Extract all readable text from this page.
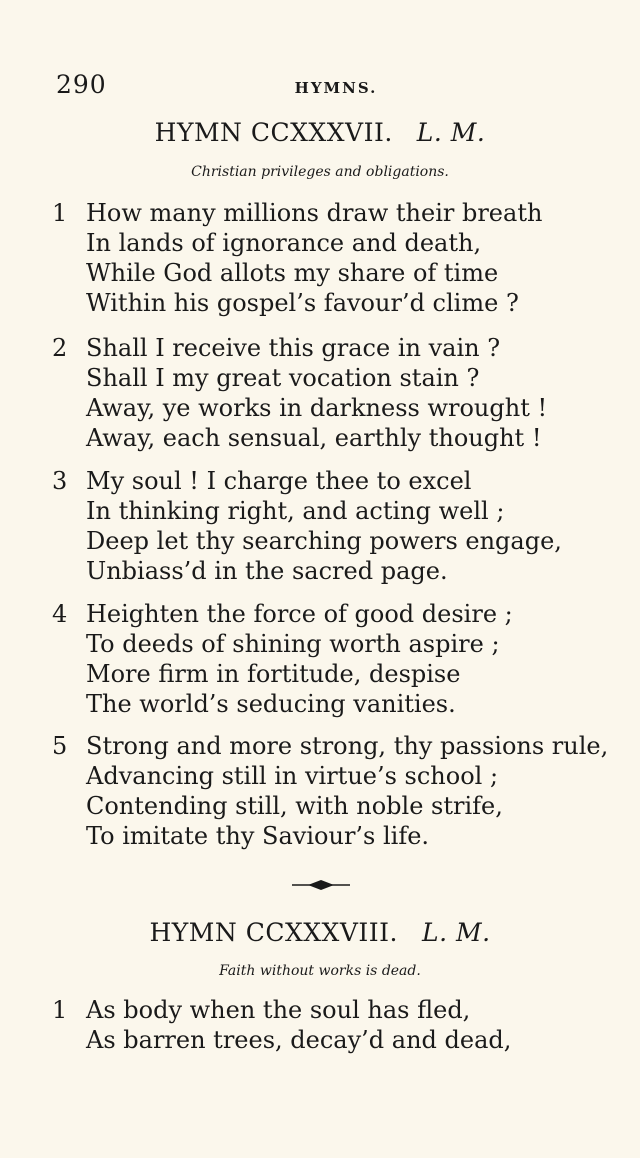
290	HYMNS.
HYMN CCXXXVII. L. M.
Christian privileges and obligations.
1 How many millions draw their breath
In lands of ignorance and death,
While God allots my share of time
Within his gospel’s favour’d clime ?
2 Shall I receive this grace in vain ?
Shall I my great vocation stain ?
Away, ye works in darkness wrought !
Away, each sensual, earthly thought !
3 My soul ! I charge thee to excel
In thinking right, and acting well ;
Deep let thy searching powers engage,
Unbiass’d in the sacred page.
4 Heighten the force of good desire ;
To deeds of shining worth aspire ;
More firm in fortitude, despise
The world’s seducing vanities.
5 Strong and more strong, thy passions rule,
Advancing still in virtue’s school ;
Contending still, with noble strife,
To imitate thy Saviour’s life.
HYMN CCXXXVIII. L. M.
Faith without works is dead.
1 As body when the soul has fled,
As barren trees, decay’d and dead,
